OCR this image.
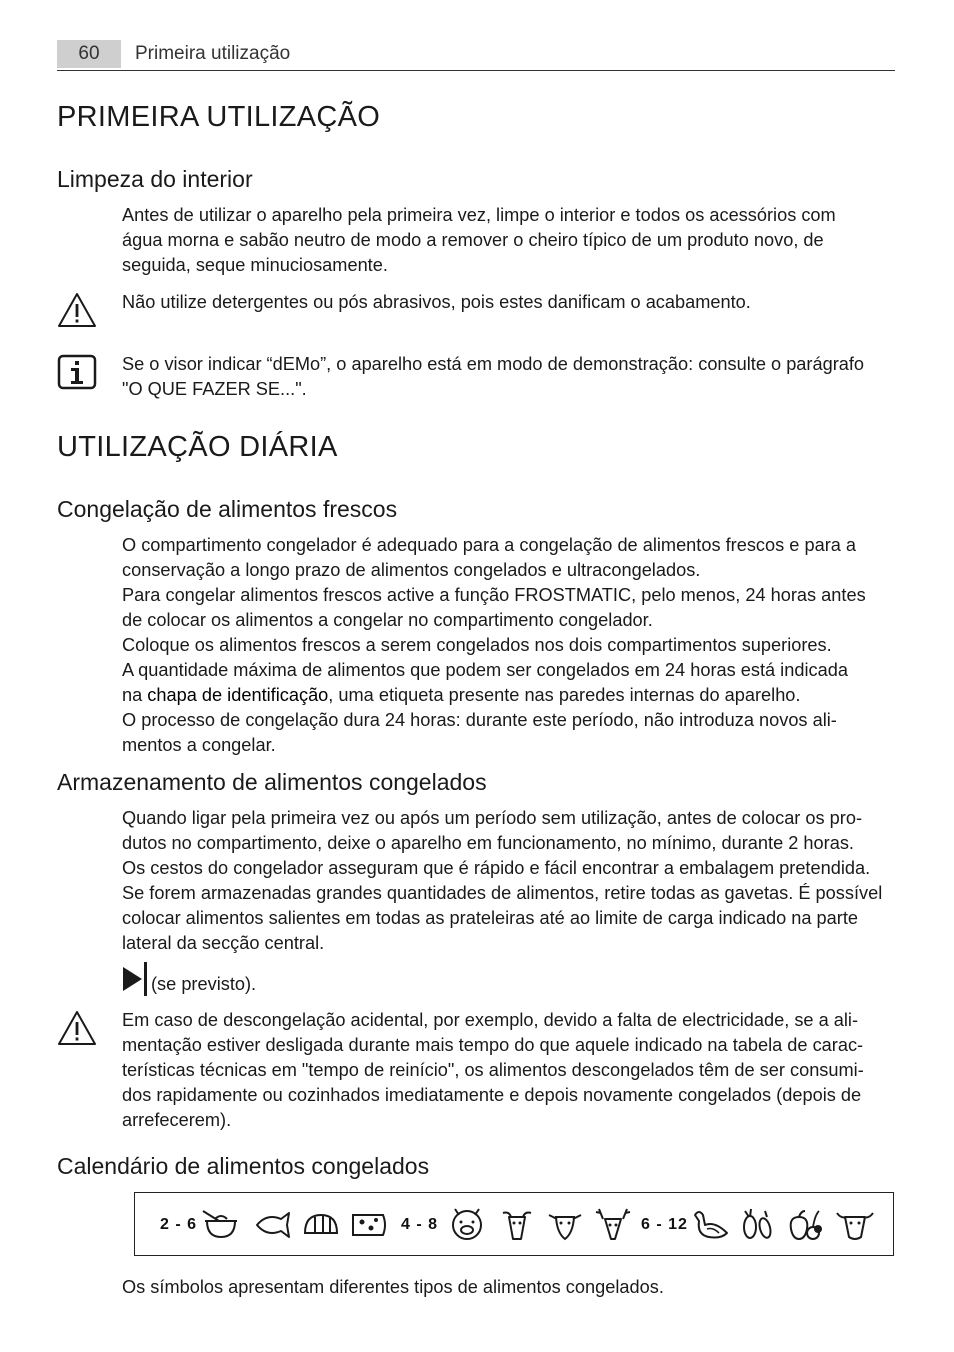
60	Primeira utilização
PRIMEIRA UTILIZAÇÃO
Limpeza do interior
Antes de utilizar o aparelho pela primeira vez, limpe o interior e todos os acessórios com
água morna e sabão neutro de modo a remover o cheiro típico de um produto novo, de
seguida, seque minuciosamente.
Não utilize detergentes ou pós abrasivos, pois estes danificam o acabamento.
Se o visor indicar “dEMo”, o aparelho está em modo de demonstração: consulte o parágrafo
"O QUE FAZER SE...".
UTILIZAÇÃO DIÁRIA
Congelação de alimentos frescos
O compartimento congelador é adequado para a congelação de alimentos frescos e para a
conservação a longo prazo de alimentos congelados e ultracongelados.
Para congelar alimentos frescos active a função FROSTMATIC, pelo menos, 24 horas antes
de colocar os alimentos a congelar no compartimento congelador.
Coloque os alimentos frescos a serem congelados nos dois compartimentos superiores.
A quantidade máxima de alimentos que podem ser congelados em 24 horas está indicada
na chapa de identificação, uma etiqueta presente nas paredes internas do aparelho.
O processo de congelação dura 24 horas: durante este período, não introduza novos ali-
mentos a congelar.
Armazenamento de alimentos congelados
Quando ligar pela primeira vez ou após um período sem utilização, antes de colocar os pro-
dutos no compartimento, deixe o aparelho em funcionamento, no mínimo, durante 2 horas.
Os cestos do congelador asseguram que é rápido e fácil encontrar a embalagem pretendida.
Se forem armazenadas grandes quantidades de alimentos, retire todas as gavetas. É possível
colocar alimentos salientes em todas as prateleiras até ao limite de carga indicado na parte
lateral da secção central.
(se previsto).
Em caso de descongelação acidental, por exemplo, devido a falta de electricidade, se a ali-
mentação estiver desligada durante mais tempo do que aquele indicado na tabela de carac-
terísticas técnicas em "tempo de reinício", os alimentos descongelados têm de ser consumi-
dos rapidamente ou cozinhados imediatamente e depois novamente congelados (depois de
arrefecerem).
Calendário de alimentos congelados
2 - 6	4 - 8	6 - 12
Os símbolos apresentam diferentes tipos de alimentos congelados.
